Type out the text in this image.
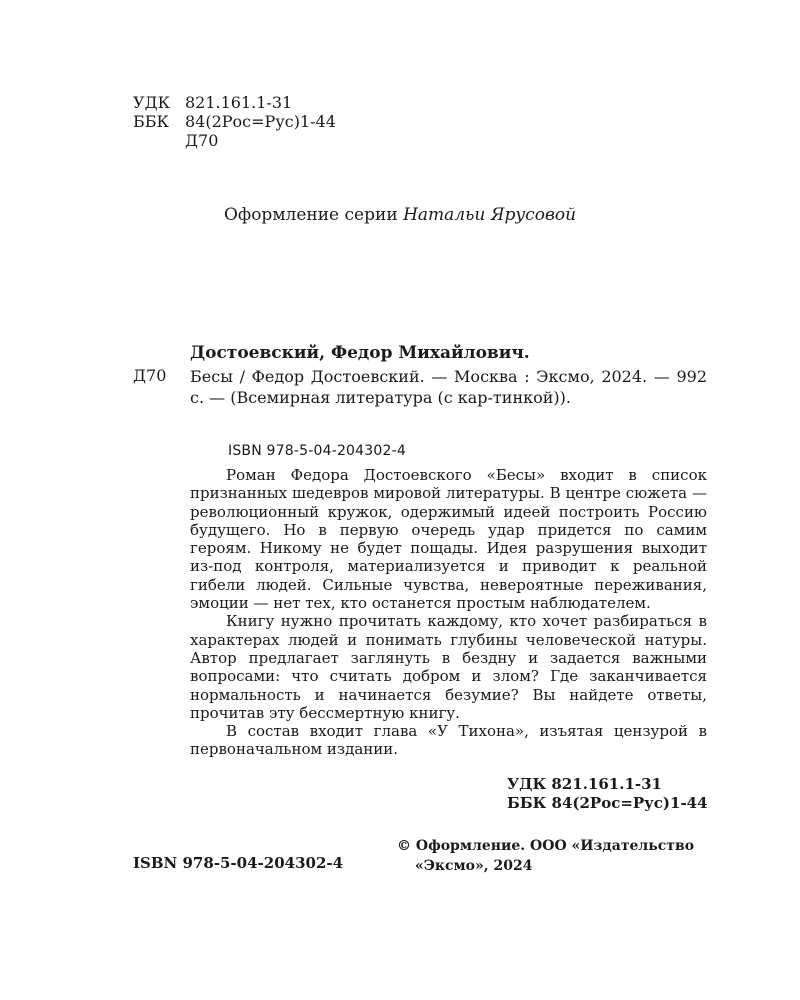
УДК 821.161.1-31
ББК 84(2Рос=Рус)1-44
Д70
Оформление серии Натальи Ярусовой
Достоевский, Федор Михайлович.
Д70 Бесы / Федор Достоевский. — Москва : Эксмо, 2024. — 992 с. — (Всемирная литература (с кар-тинкой)).
ISBN 978-5-04-204302-4

Роман Федора Достоевского «Бесы» входит в список признанных шедевров мировой литературы. В центре сюжета — революционный кружок, одержимый идеей построить Россию будущего. Но в первую очередь удар придется по самим героям. Никому не будет пощады. Идея разрушения выходит из-под контроля, материализуется и приводит к реальной гибели людей. Сильные чувства, невероятные переживания, эмоции — нет тех, кто останется простым наблюдателем.

Книгу нужно прочитать каждому, кто хочет разбираться в характерах людей и понимать глубины человеческой натуры. Автор предлагает заглянуть в бездну и задается важными вопросами: что считать добром и злом? Где заканчивается нормальность и начинается безумие? Вы найдете ответы, прочитав эту бессмертную книгу.

В состав входит глава «У Тихона», изъятая цензурой в первоначальном издании.

УДК 821.161.1-31
ББК 84(2Рос=Рус)1-44
ISBN 978-5-04-204302-4
© Оформление. ООО «Издательство
«Эксмо», 2024
